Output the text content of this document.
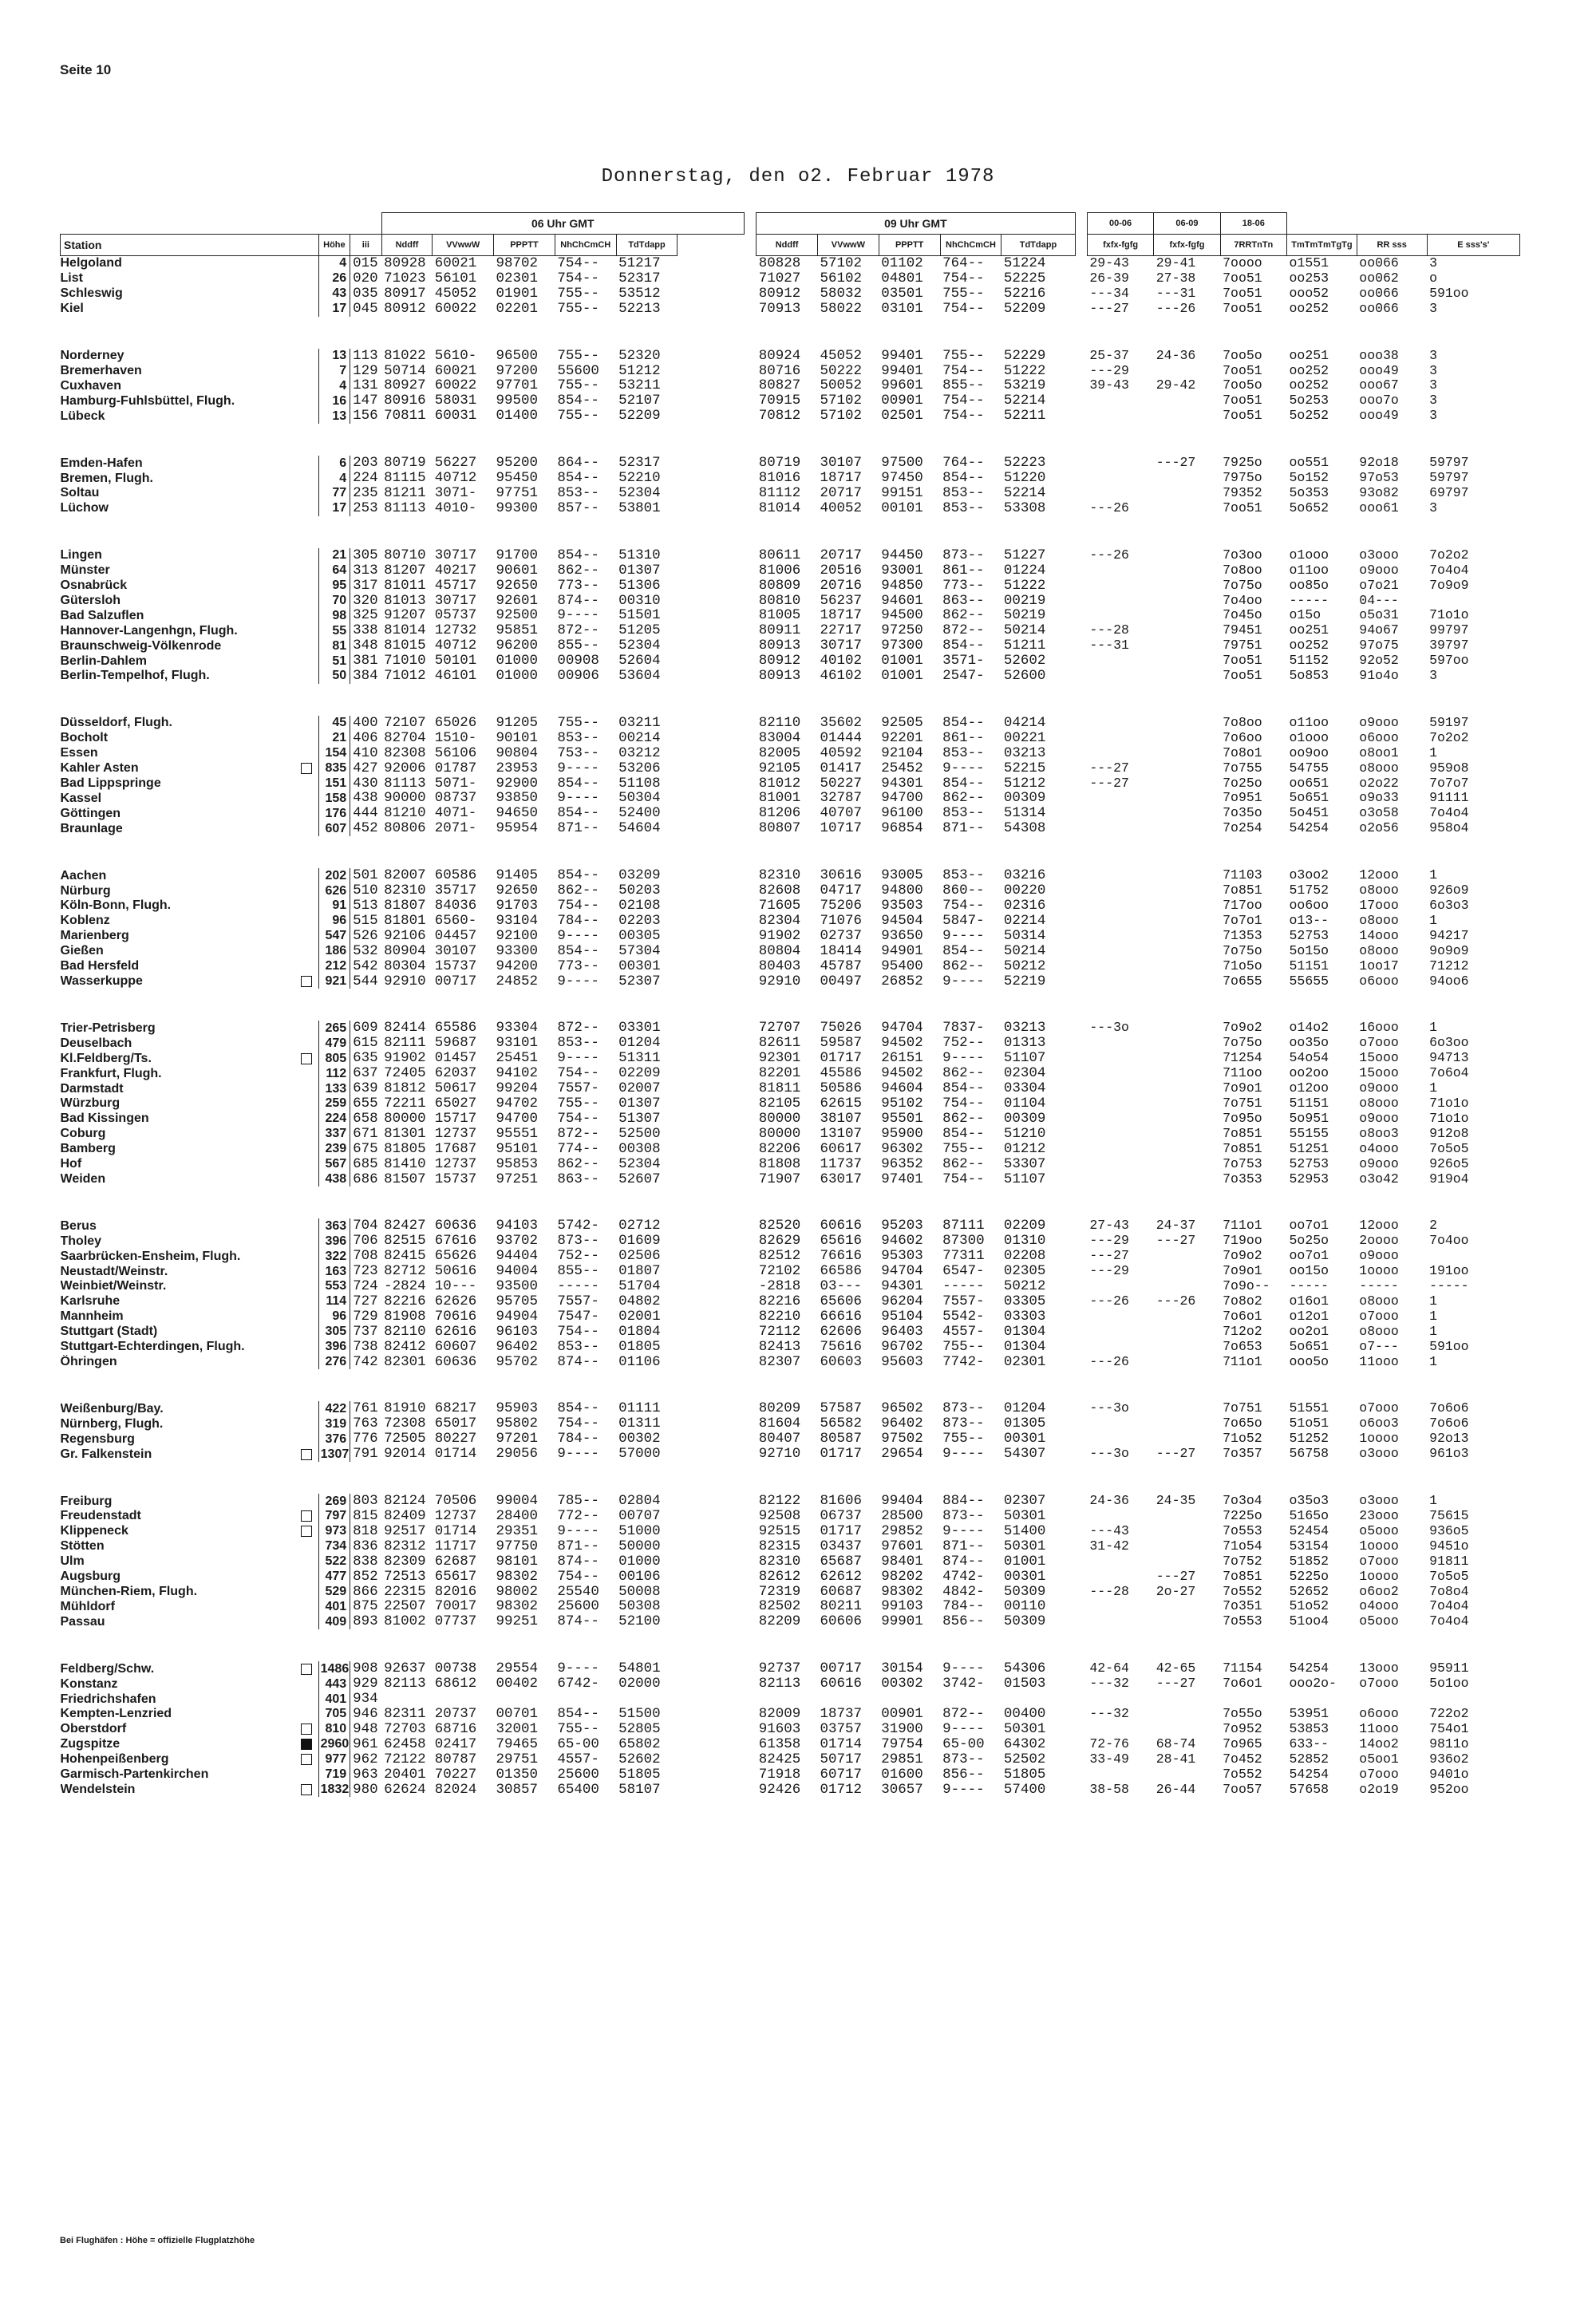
Seite 10
Donnerstag, den o2. Februar 1978
			06 Uhr GMT							09 Uhr GMT						00-06	06-09	18-06			
Station	Höhe	iii	Nddff	VVwwW	PPPTT	NhChCmCH	TdTdapp			Nddff	VVwwW	PPPTT	NhChCmCH	TdTdapp		fxfx-fgfg	fxfx-fgfg	7RRTnTn	TmTmTmTgTg	RR sss	E sss's'

Helgoland	4	015	80928	60021	98702	754--	51217			80828	57102	01102	764--	51224		29-43	29-41	7oooo	o1551	oo066	3

List	26	020	71023	56101	02301	754--	52317			71027	56102	04801	754--	52225		26-39	27-38	7oo51	oo253	oo062	o

Schleswig	43	035	80917	45052	01901	755--	53512			80912	58032	03501	755--	52216		---34	---31	7oo51	ooo52	oo066	591oo

Kiel	17	045	80912	60022	02201	755--	52213			70913	58022	03101	754--	52209		---27	---26	7oo51	oo252	oo066	3

Norderney	13	113	81022	5610-	96500	755--	52320			80924	45052	99401	755--	52229		25-37	24-36	7oo5o	oo251	ooo38	3

Bremerhaven	7	129	50714	60021	97200	55600	51212			80716	50222	99401	754--	51222		---29		7oo51	oo252	ooo49	3

Cuxhaven	4	131	80927	60022	97701	755--	53211			80827	50052	99601	855--	53219		39-43	29-42	7oo5o	oo252	ooo67	3

Hamburg-Fuhlsbüttel, Flugh.	16	147	80916	58031	99500	854--	52107			70915	57102	00901	754--	52214				7oo51	5o253	ooo7o	3

Lübeck	13	156	70811	60031	01400	755--	52209			70812	57102	02501	754--	52211				7oo51	5o252	ooo49	3

Emden-Hafen	6	203	80719	56227	95200	864--	52317			80719	30107	97500	764--	52223			---27	7925o	oo551	92o18	59797

Bremen, Flugh.	4	224	81115	40712	95450	854--	52210			81016	18717	97450	854--	51220				7975o	5o152	97o53	59797

Soltau	77	235	81211	3071-	97751	853--	52304			81112	20717	99151	853--	52214				79352	5o353	93o82	69797

Lüchow	17	253	81113	4010-	99300	857--	53801			81014	40052	00101	853--	53308		---26		7oo51	5o652	ooo61	3

Lingen	21	305	80710	30717	91700	854--	51310			80611	20717	94450	873--	51227		---26		7o3oo	o1ooo	o3ooo	7o2o2

Münster	64	313	81207	40217	90601	862--	01307			81006	20516	93001	861--	01224				7o8oo	o11oo	o9ooo	7o4o4

Osnabrück	95	317	81011	45717	92650	773--	51306			80809	20716	94850	773--	51222				7o75o	oo85o	o7o21	7o9o9

Gütersloh	70	320	81013	30717	92601	874--	00310			80810	56237	94601	863--	00219				7o4oo	-----	04---	

Bad Salzuflen	98	325	91207	05737	92500	9----	51501			81005	18717	94500	862--	50219				7o45o	o15o	o5o31	71o1o

Hannover-Langenhgn, Flugh.	55	338	81014	12732	95851	872--	51205			80911	22717	97250	872--	50214		---28		79451	oo251	94o67	99797

Braunschweig-Völkenrode	81	348	81015	40712	96200	855--	52304			80913	30717	97300	854--	51211		---31		79751	oo252	97o75	39797

Berlin-Dahlem	51	381	71010	50101	01000	00908	52604			80912	40102	01001	3571-	52602				7oo51	51152	92o52	597oo

Berlin-Tempelhof, Flugh.	50	384	71012	46101	01000	00906	53604			80913	46102	01001	2547-	52600				7oo51	5o853	91o4o	3

Düsseldorf, Flugh.	45	400	72107	65026	91205	755--	03211			82110	35602	92505	854--	04214				7o8oo	o11oo	o9ooo	59197

Bocholt	21	406	82704	1510-	90101	853--	00214			83004	01444	92201	861--	00221				7o6oo	o1ooo	o6ooo	7o2o2

Essen	154	410	82308	56106	90804	753--	03212			82005	40592	92104	853--	03213				7o8o1	oo9oo	o8oo1	1

Kahler Asten	835	427	92006	01787	23953	9----	53206			92105	01417	25452	9----	52215		---27		7o755	54755	o8ooo	959o8

Bad Lippspringe	151	430	81113	5071-	92900	854--	51108			81012	50227	94301	854--	51212		---27		7o25o	oo651	o2o22	7o7o7

Kassel	158	438	90000	08737	93850	9----	50304			81001	32787	94700	862--	00309				7o951	5o651	o9o33	91111

Göttingen	176	444	81210	4071-	94650	854--	52400			81206	40707	96100	853--	51314				7o35o	5o451	o3o58	7o4o4

Braunlage	607	452	80806	2071-	95954	871--	54604			80807	10717	96854	871--	54308				7o254	54254	o2o56	958o4

Aachen	202	501	82007	60586	91405	854--	03209			82310	30616	93005	853--	03216				71103	o3oo2	12ooo	1

Nürburg	626	510	82310	35717	92650	862--	50203			82608	04717	94800	860--	00220				7o851	51752	o8ooo	926o9

Köln-Bonn, Flugh.	91	513	81807	84036	91703	754--	02108			71605	75206	93503	754--	02316				717oo	oo6oo	17ooo	6o3o3

Koblenz	96	515	81801	6560-	93104	784--	02203			82304	71076	94504	5847-	02214				7o7o1	o13--	o8ooo	1

Marienberg	547	526	92106	04457	92100	9----	00305			91902	02737	93650	9----	50314				71353	52753	14ooo	94217

Gießen	186	532	80904	30107	93300	854--	57304			80804	18414	94901	854--	50214				7o75o	5o15o	o8ooo	9o9o9

Bad Hersfeld	212	542	80304	15737	94200	773--	00301			80403	45787	95400	862--	50212				71o5o	51151	1oo17	71212

Wasserkuppe	921	544	92910	00717	24852	9----	52307			92910	00497	26852	9----	52219				7o655	55655	o6ooo	94oo6

Trier-Petrisberg	265	609	82414	65586	93304	872--	03301			72707	75026	94704	7837-	03213		---3o		7o9o2	o14o2	16ooo	1

Deuselbach	479	615	82111	59687	93101	853--	01204			82611	59587	94502	752--	01313				7o75o	oo35o	o7ooo	6o3oo

Kl.Feldberg/Ts.	805	635	91902	01457	25451	9----	51311			92301	01717	26151	9----	51107				71254	54o54	15ooo	94713

Frankfurt, Flugh.	112	637	72405	62037	94102	754--	02209			82201	45586	94502	862--	02304				711oo	oo2oo	15ooo	7o6o4

Darmstadt	133	639	81812	50617	99204	7557-	02007			81811	50586	94604	854--	03304				7o9o1	o12oo	o9ooo	1

Würzburg	259	655	72211	65027	94702	755--	01307			82105	62615	95102	754--	01104				7o751	51151	o8ooo	71o1o

Bad Kissingen	224	658	80000	15717	94700	754--	51307			80000	38107	95501	862--	00309				7o95o	5o951	o9ooo	71o1o

Coburg	337	671	81301	12737	95551	872--	52500			80000	13107	95900	854--	51210				7o851	55155	o8oo3	912o8

Bamberg	239	675	81805	17687	95101	774--	00308			82206	60617	96302	755--	01212				7o851	51251	o4ooo	7o5o5

Hof	567	685	81410	12737	95853	862--	52304			81808	11737	96352	862--	53307				7o753	52753	o9ooo	926o5

Weiden	438	686	81507	15737	97251	863--	52607			71907	63017	97401	754--	51107				7o353	52953	o3o42	919o4

Berus	363	704	82427	60636	94103	5742-	02712			82520	60616	95203	87111	02209		27-43	24-37	711o1	oo7o1	12ooo	2

Tholey	396	706	82515	67616	93702	873--	01609			82629	65616	94602	87300	01310		---29	---27	719oo	5o25o	2oooo	7o4oo

Saarbrücken-Ensheim, Flugh.	322	708	82415	65626	94404	752--	02506			82512	76616	95303	77311	02208		---27		7o9o2	oo7o1	o9ooo	

Neustadt/Weinstr.	163	723	82712	50616	94004	855--	01807			72102	66586	94704	6547-	02305		---29		7o9o1	oo15o	1oooo	191oo

Weinbiet/Weinstr.	553	724	-2824	10---	93500	-----	51704			-2818	03---	94301	-----	50212				7o9o--	-----	-----	-----

Karlsruhe	114	727	82216	62626	95705	7557-	04802			82216	65606	96204	7557-	03305		---26	---26	7o8o2	o16o1	o8ooo	1

Mannheim	96	729	81908	70616	94904	7547-	02001			82210	66616	95104	5542-	03303				7o6o1	o12o1	o7ooo	1

Stuttgart (Stadt)	305	737	82110	62616	96103	754--	01804			72112	62606	96403	4557-	01304				712o2	oo2o1	o8ooo	1

Stuttgart-Echterdingen, Flugh.	396	738	82412	60607	96402	853--	01805			82413	75616	96702	755--	01304				7o653	5o651	o7---	591oo

Öhringen	276	742	82301	60636	95702	874--	01106			82307	60603	95603	7742-	02301		---26		711o1	ooo5o	11ooo	1

Weißenburg/Bay.	422	761	81910	68217	95903	854--	01111			80209	57587	96502	873--	01204		---3o		7o751	51551	o7ooo	7o6o6

Nürnberg, Flugh.	319	763	72308	65017	95802	754--	01311			81604	56582	96402	873--	01305				7o65o	51o51	o6oo3	7o6o6

Regensburg	376	776	72505	80227	97201	784--	00302			80407	80587	97502	755--	00301				71o52	51252	1oooo	92o13

Gr. Falkenstein	1307	791	92014	01714	29056	9----	57000			92710	01717	29654	9----	54307		---3o	---27	7o357	56758	o3ooo	961o3

Freiburg	269	803	82124	70506	99004	785--	02804			82122	81606	99404	884--	02307		24-36	24-35	7o3o4	o35o3	o3ooo	1

Freudenstadt	797	815	82409	12737	28400	772--	00707			92508	06737	28500	873--	50301				7225o	5165o	23ooo	75615

Klippeneck	973	818	92517	01714	29351	9----	51000			92515	01717	29852	9----	51400		---43		7o553	52454	o5ooo	936o5

Stötten	734	836	82312	11717	97750	871--	50000			82315	03437	97601	871--	50301		31-42		71o54	53154	1oooo	9451o

Ulm	522	838	82309	62687	98101	874--	01000			82310	65687	98401	874--	01001				7o752	51852	o7ooo	91811

Augsburg	477	852	72513	65617	98302	754--	00106			82612	62612	98202	4742-	00301			---27	7o851	5225o	1oooo	7o5o5

München-Riem, Flugh.	529	866	22315	82016	98002	25540	50008			72319	60687	98302	4842-	50309		---28	2o-27	7o552	52652	o6oo2	7o8o4

Mühldorf	401	875	22507	70017	98302	25600	50308			82502	80211	99103	784--	00110				7o351	51o52	o4ooo	7o4o4

Passau	409	893	81002	07737	99251	874--	52100			82209	60606	99901	856--	50309				7o553	51oo4	o5ooo	7o4o4

Feldberg/Schw.	1486	908	92637	00738	29554	9----	54801			92737	00717	30154	9----	54306		42-64	42-65	71154	54254	13ooo	95911

Konstanz	443	929	82113	68612	00402	6742-	02000			82113	60616	00302	3742-	01503		---32	---27	7o6o1	ooo2o-	o7ooo	5o1oo

Friedrichshafen	401	934																			

Kempten-Lenzried	705	946	82311	20737	00701	854--	51500			82009	18737	00901	872--	00400		---32		7o55o	53951	o6ooo	722o2

Oberstdorf	810	948	72703	68716	32001	755--	52805			91603	03757	31900	9----	50301				7o952	53853	11ooo	754o1

Zugspitze	2960	961	62458	02417	79465	65-00	65802			61358	01714	79754	65-00	64302		72-76	68-74	7o965	633--	14oo2	9811o

Hohenpeißenberg	977	962	72122	80787	29751	4557-	52602			82425	50717	29851	873--	52502		33-49	28-41	7o452	52852	o5oo1	936o2

Garmisch-Partenkirchen	719	963	20401	70227	01350	25600	51805			71918	60717	01600	856--	51805				7o552	54254	o7ooo	9401o

Wendelstein	1832	980	62624	82024	30857	65400	58107			92426	01712	30657	9----	57400		38-58	26-44	7oo57	57658	o2o19	952oo
Bei Flughäfen : Höhe = offizielle Flugplatzhöhe
